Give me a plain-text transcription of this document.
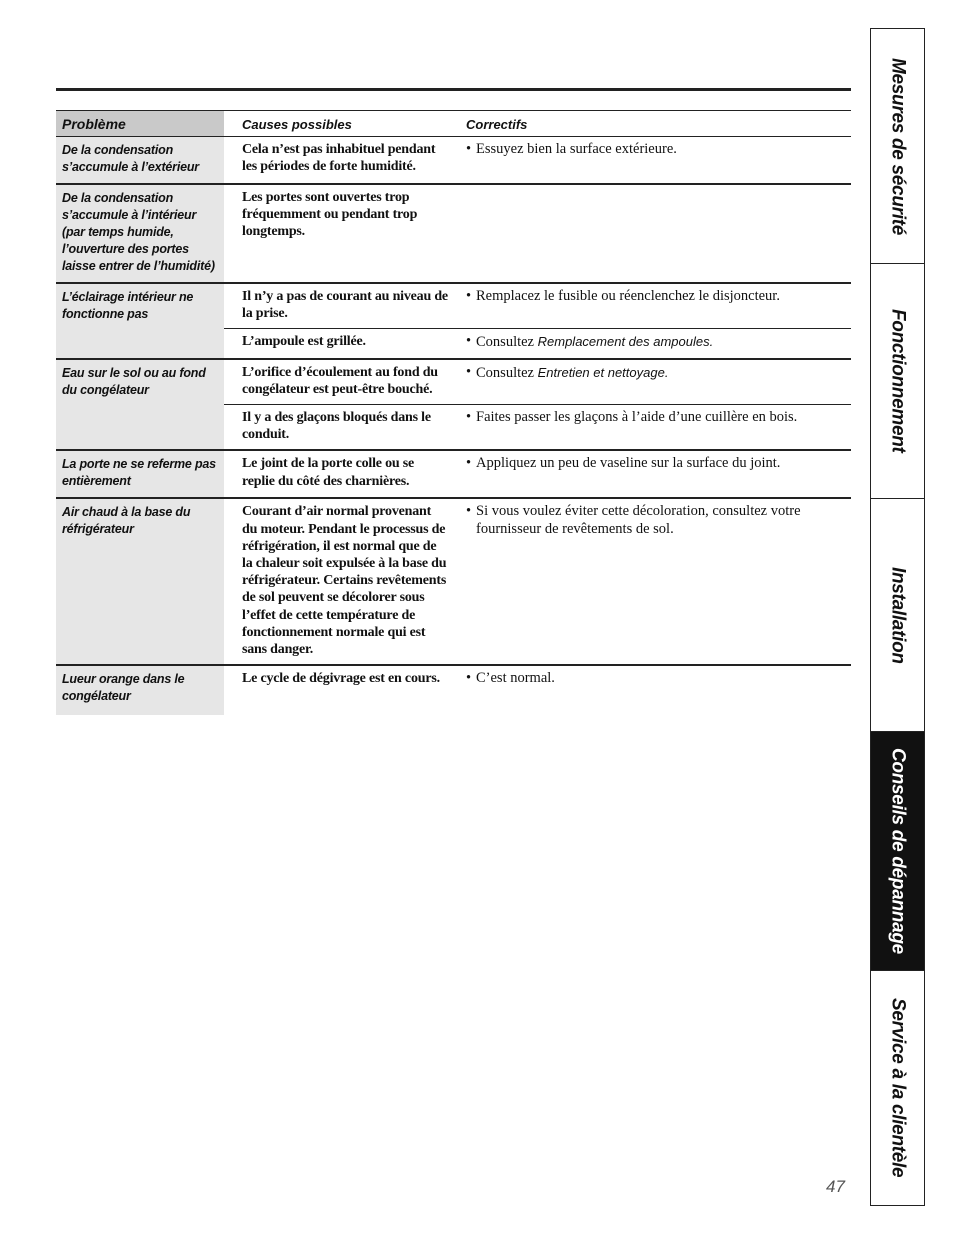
Problème	Causes possibles	Correctifs
De la condensation s’accumule à l’extérieur	Cela n’est pas inhabituel pendant les périodes de forte humidité.	• Essuyez bien la surface extérieure.

De la condensation s’accumule à l’intérieur (par temps humide, l’ouverture des portes laisse entrer de l’humidité)	Les portes sont ouvertes trop fréquemment ou pendant trop longtemps.	
L’éclairage intérieur ne fonctionne pas	Il n’y a pas de courant au niveau de la prise.	• Remplacez le fusible ou réenclenchez le disjoncteur.

	L’ampoule est grillée.	• Consultez Remplacement des ampoules.

Eau sur le sol ou au fond du congélateur	L’orifice d’écoulement au fond du congélateur est peut-être bouché.	• Consultez Entretien et nettoyage.

	Il y a des glaçons bloqués dans le conduit.	• Faites passer les glaçons à l’aide d’une cuillère en bois.

La porte ne se referme pas entièrement	Le joint de la porte colle ou se replie du côté des charnières.	• Appliquez un peu de vaseline sur la surface du joint.

Air chaud à la base du réfrigérateur	Courant d’air normal provenant du moteur. Pendant le processus de réfrigération, il est normal que de la chaleur soit expulsée à la base du réfrigérateur. Certains revêtements de sol peuvent se décolorer sous l’effet de cette température de fonctionnement normale qui est sans danger.	• Si vous voulez éviter cette décoloration, consultez votre fournisseur de revêtements de sol.

Lueur orange dans le congélateur	Le cycle de dégivrage est en cours.	• C’est normal.
Mesures de sécurité
Fonctionnement
Installation
Conseils de dépannage
Service à la clientèle
47
